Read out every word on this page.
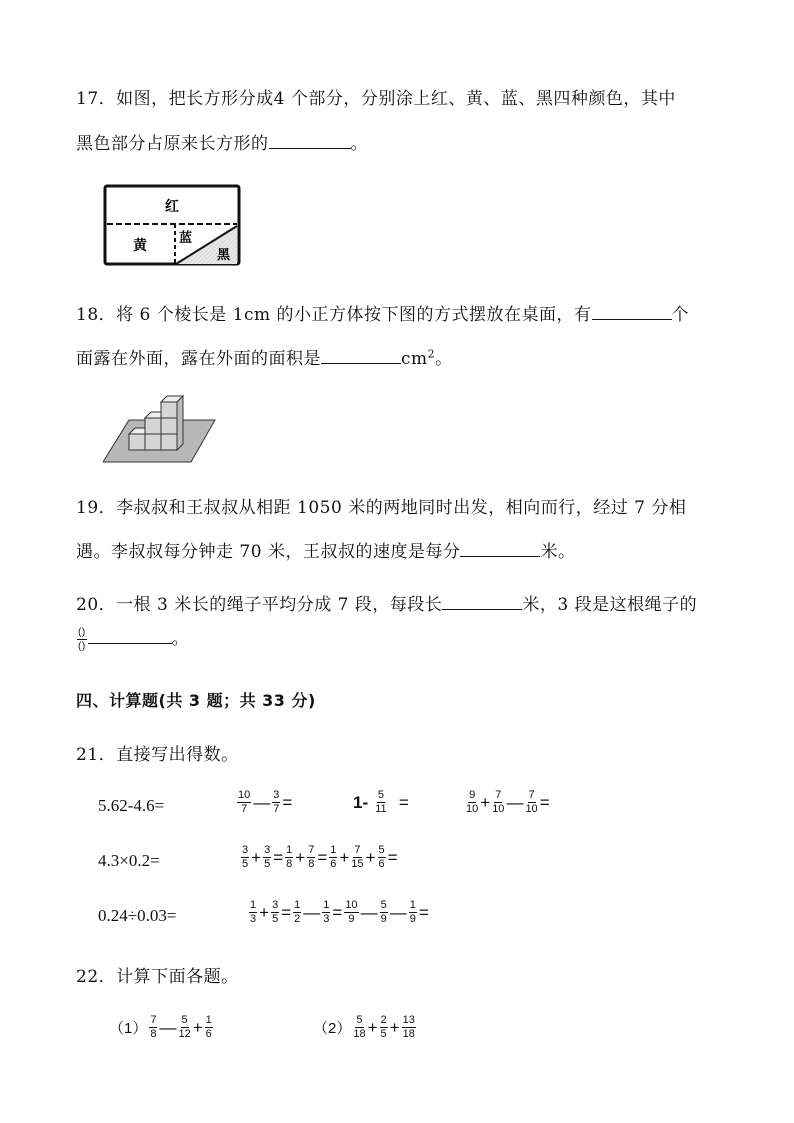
17．如图，把长方形分成4 个部分，分别涂上红、黄、蓝、黑四种颜色，其中
黑色部分占原来长方形的	。
红
黄 蓝
黑
18．将 6 个棱长是 1cm 的小正方体按下图的方式摆放在桌面，有	个
面露在外面，露在外面的面积是	$cm^2$。
19．李叔叔和王叔叔从相距 1050 米的两地同时出发，相向而行，经过 7 分相
遇。李叔叔每分钟走 70 米，王叔叔的速度是每分	米。
20．一根 3 米长的绳子平均分成 7 段，每段长	米，3 段是这根绳子的
$\frac{()}{()}$	。
四、计算题(共 3 题；共 33 分)
21．直接写出得数。
5.62-4.6=	$\frac{10}{7}$ — $\frac{3}{7}$ =	$1- \frac{5}{11}$ =	$\frac{9}{10} + \frac{7}{10}$ — $\frac{7}{10}$ =
4.3×0.2=	$\frac{3}{5} + \frac{3}{5} = \frac{1}{8} + \frac{7}{8} = \frac{1}{6} + \frac{7}{15} + \frac{5}{6}$ =
0.24÷0.03=	$\frac{1}{3} + \frac{3}{5} = \frac{1}{2}$ — $\frac{1}{3} = \frac{10}{9}$ — $\frac{5}{9}$ — $\frac{1}{9}$ =
22．计算下面各题。
$(1) \frac{7}{8}$ — $\frac{5}{12} + \frac{1}{6}$	$(2) \frac{5}{18} + \frac{2}{5} + \frac{13}{18}$
